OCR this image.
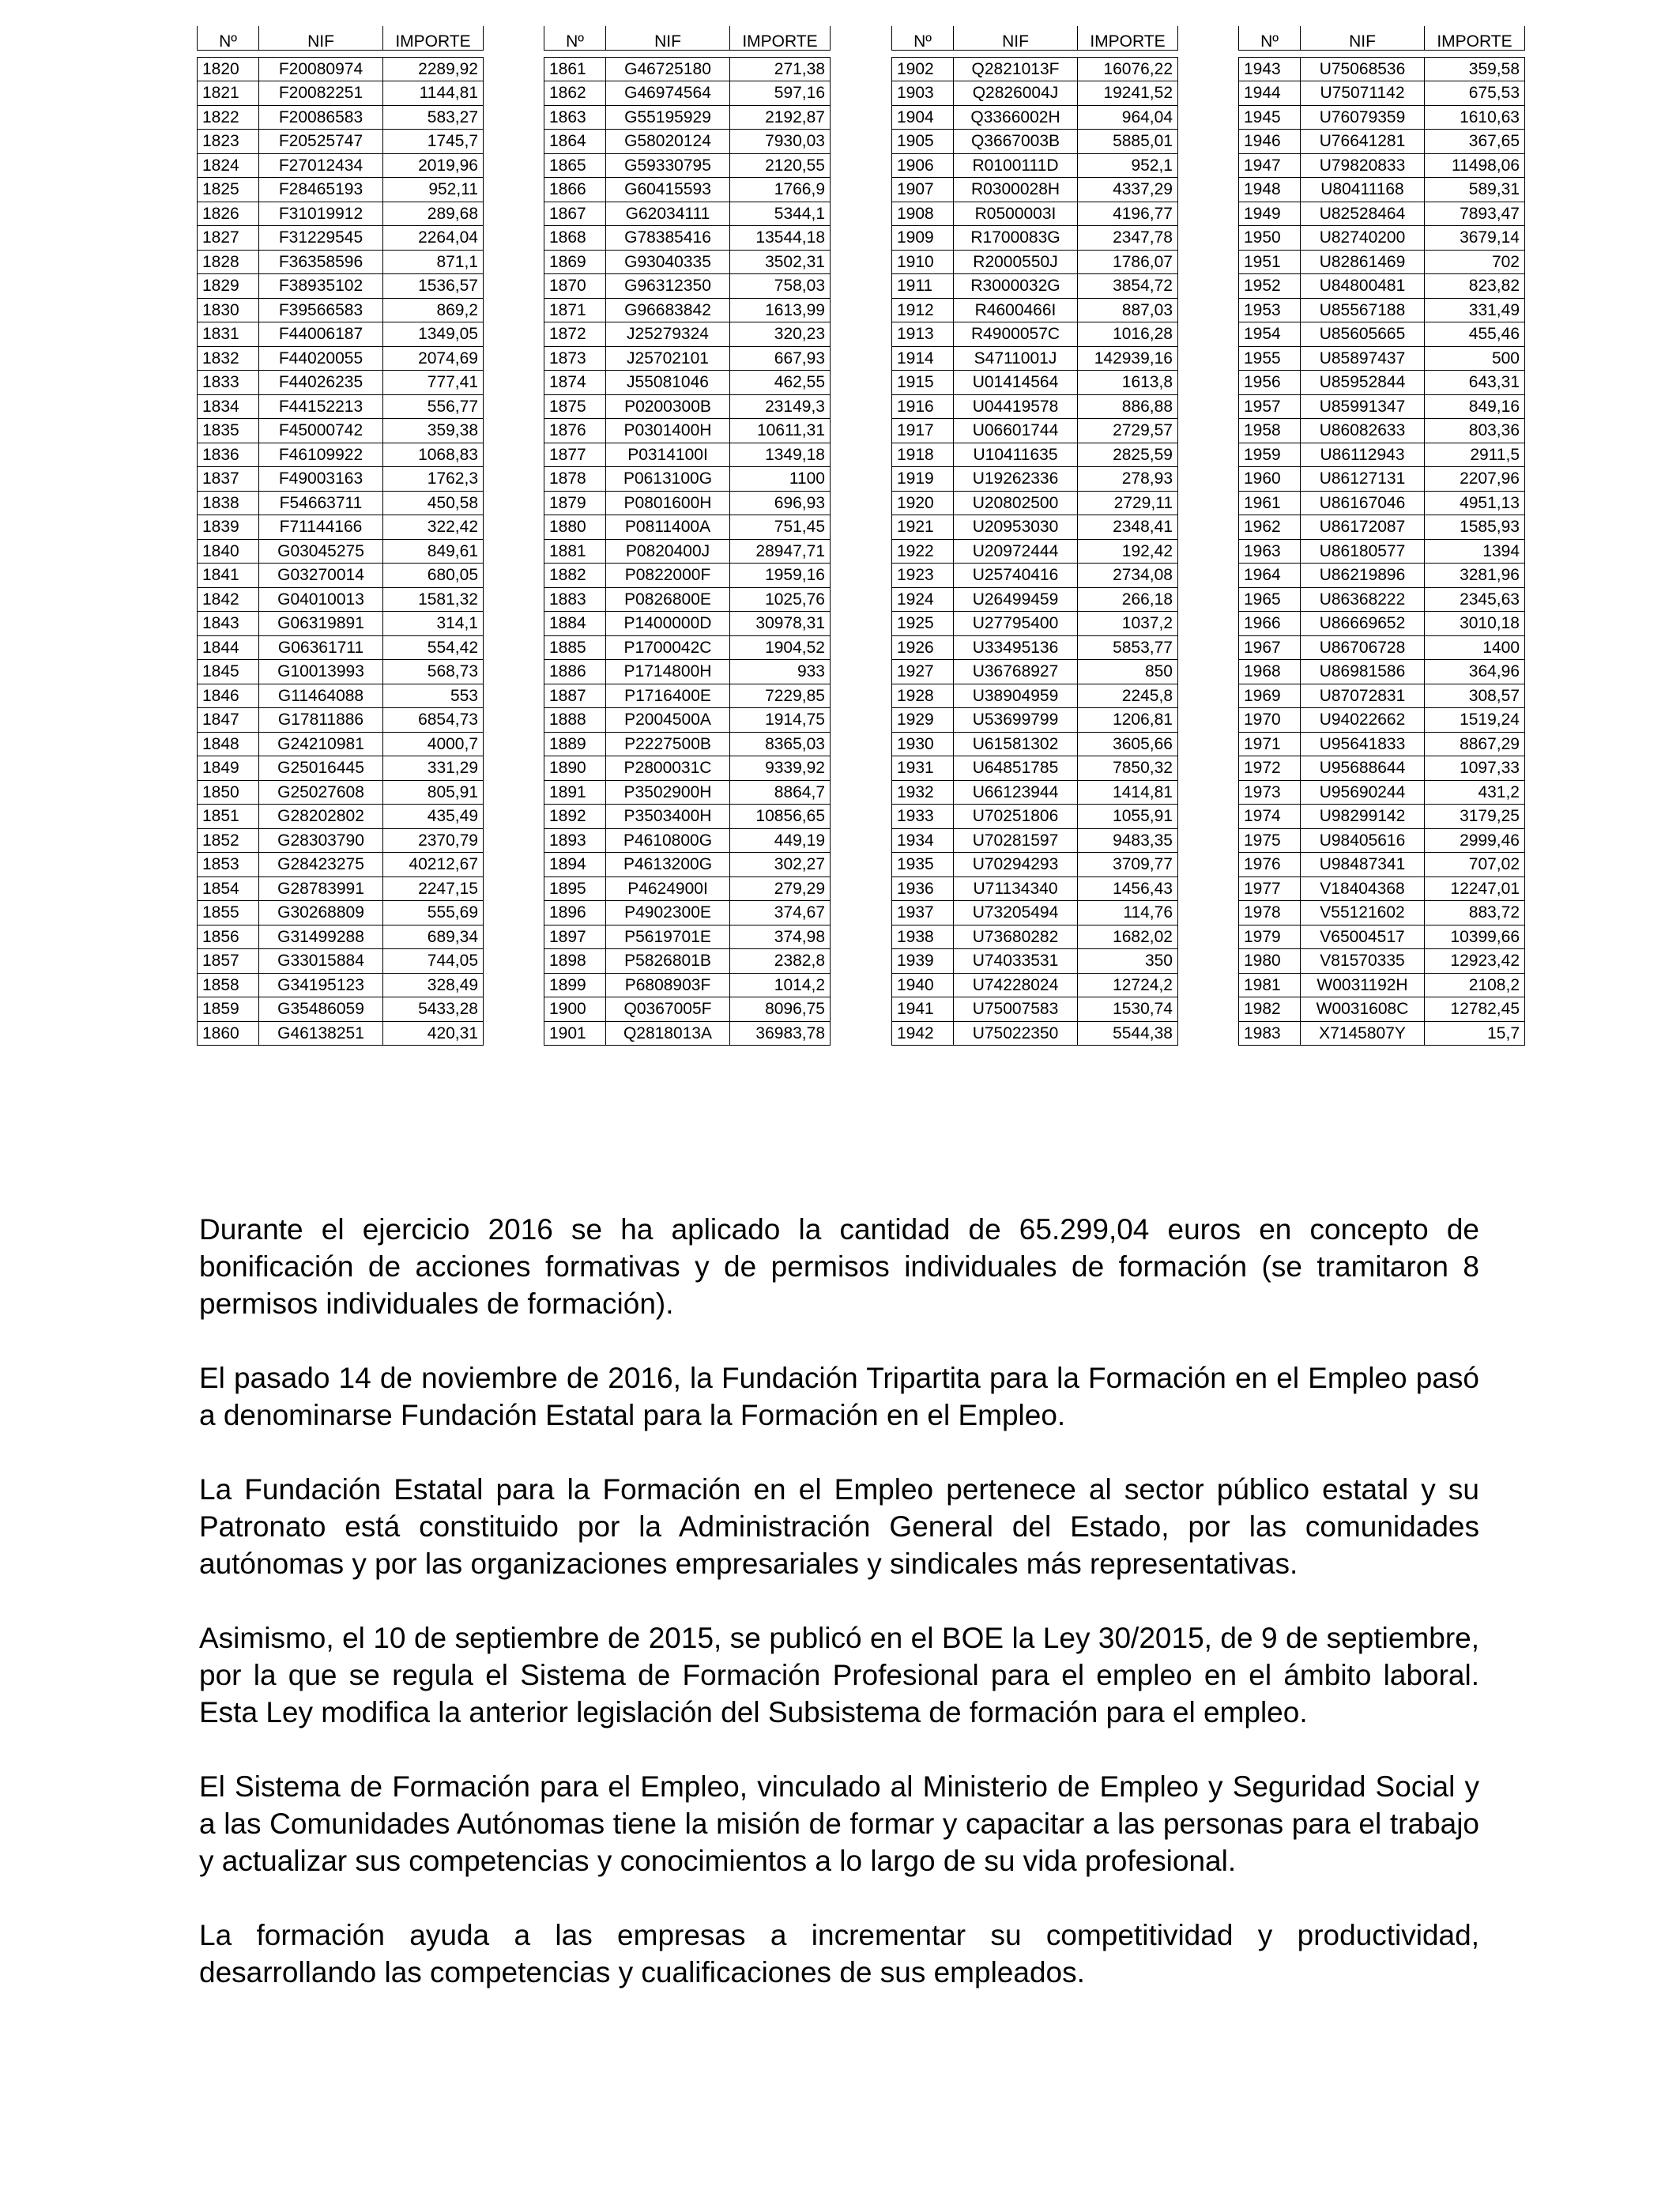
Nº	NIF	IMPORTE

1820	F20080974	2289,92
1821	F20082251	1144,81
1822	F20086583	583,27
1823	F20525747	1745,7
1824	F27012434	2019,96
1825	F28465193	952,11
1826	F31019912	289,68
1827	F31229545	2264,04
1828	F36358596	871,1
1829	F38935102	1536,57
1830	F39566583	869,2
1831	F44006187	1349,05
1832	F44020055	2074,69
1833	F44026235	777,41
1834	F44152213	556,77
1835	F45000742	359,38
1836	F46109922	1068,83
1837	F49003163	1762,3
1838	F54663711	450,58
1839	F71144166	322,42
1840	G03045275	849,61
1841	G03270014	680,05
1842	G04010013	1581,32
1843	G06319891	314,1
1844	G06361711	554,42
1845	G10013993	568,73
1846	G11464088	553
1847	G17811886	6854,73
1848	G24210981	4000,7
1849	G25016445	331,29
1850	G25027608	805,91
1851	G28202802	435,49
1852	G28303790	2370,79
1853	G28423275	40212,67
1854	G28783991	2247,15
1855	G30268809	555,69
1856	G31499288	689,34
1857	G33015884	744,05
1858	G34195123	328,49
1859	G35486059	5433,28
1860	G46138251	420,31
Nº	NIF	IMPORTE

1861	G46725180	271,38
1862	G46974564	597,16
1863	G55195929	2192,87
1864	G58020124	7930,03
1865	G59330795	2120,55
1866	G60415593	1766,9
1867	G62034111	5344,1
1868	G78385416	13544,18
1869	G93040335	3502,31
1870	G96312350	758,03
1871	G96683842	1613,99
1872	J25279324	320,23
1873	J25702101	667,93
1874	J55081046	462,55
1875	P0200300B	23149,3
1876	P0301400H	10611,31
1877	P0314100I	1349,18
1878	P0613100G	1100
1879	P0801600H	696,93
1880	P0811400A	751,45
1881	P0820400J	28947,71
1882	P0822000F	1959,16
1883	P0826800E	1025,76
1884	P1400000D	30978,31
1885	P1700042C	1904,52
1886	P1714800H	933
1887	P1716400E	7229,85
1888	P2004500A	1914,75
1889	P2227500B	8365,03
1890	P2800031C	9339,92
1891	P3502900H	8864,7
1892	P3503400H	10856,65
1893	P4610800G	449,19
1894	P4613200G	302,27
1895	P4624900I	279,29
1896	P4902300E	374,67
1897	P5619701E	374,98
1898	P5826801B	2382,8
1899	P6808903F	1014,2
1900	Q0367005F	8096,75
1901	Q2818013A	36983,78
Nº	NIF	IMPORTE

1902	Q2821013F	16076,22
1903	Q2826004J	19241,52
1904	Q3366002H	964,04
1905	Q3667003B	5885,01
1906	R0100111D	952,1
1907	R0300028H	4337,29
1908	R0500003I	4196,77
1909	R1700083G	2347,78
1910	R2000550J	1786,07
1911	R3000032G	3854,72
1912	R4600466I	887,03
1913	R4900057C	1016,28
1914	S4711001J	142939,16
1915	U01414564	1613,8
1916	U04419578	886,88
1917	U06601744	2729,57
1918	U10411635	2825,59
1919	U19262336	278,93
1920	U20802500	2729,11
1921	U20953030	2348,41
1922	U20972444	192,42
1923	U25740416	2734,08
1924	U26499459	266,18
1925	U27795400	1037,2
1926	U33495136	5853,77
1927	U36768927	850
1928	U38904959	2245,8
1929	U53699799	1206,81
1930	U61581302	3605,66
1931	U64851785	7850,32
1932	U66123944	1414,81
1933	U70251806	1055,91
1934	U70281597	9483,35
1935	U70294293	3709,77
1936	U71134340	1456,43
1937	U73205494	114,76
1938	U73680282	1682,02
1939	U74033531	350
1940	U74228024	12724,2
1941	U75007583	1530,74
1942	U75022350	5544,38
Nº	NIF	IMPORTE

1943	U75068536	359,58
1944	U75071142	675,53
1945	U76079359	1610,63
1946	U76641281	367,65
1947	U79820833	11498,06
1948	U80411168	589,31
1949	U82528464	7893,47
1950	U82740200	3679,14
1951	U82861469	702
1952	U84800481	823,82
1953	U85567188	331,49
1954	U85605665	455,46
1955	U85897437	500
1956	U85952844	643,31
1957	U85991347	849,16
1958	U86082633	803,36
1959	U86112943	2911,5
1960	U86127131	2207,96
1961	U86167046	4951,13
1962	U86172087	1585,93
1963	U86180577	1394
1964	U86219896	3281,96
1965	U86368222	2345,63
1966	U86669652	3010,18
1967	U86706728	1400
1968	U86981586	364,96
1969	U87072831	308,57
1970	U94022662	1519,24
1971	U95641833	8867,29
1972	U95688644	1097,33
1973	U95690244	431,2
1974	U98299142	3179,25
1975	U98405616	2999,46
1976	U98487341	707,02
1977	V18404368	12247,01
1978	V55121602	883,72
1979	V65004517	10399,66
1980	V81570335	12923,42
1981	W0031192H	2108,2
1982	W0031608C	12782,45
1983	X7145807Y	15,7

Durante el ejercicio 2016 se ha aplicado la cantidad de 65.299,04 euros en concepto de bonificación de acciones formativas y de permisos individuales de formación (se tramitaron 8 permisos individuales de formación).

El pasado 14 de noviembre de 2016, la Fundación Tripartita para la Formación en el Empleo pasó a denominarse Fundación Estatal para la Formación en el Empleo.

La Fundación Estatal para la Formación en el Empleo pertenece al sector público estatal y su Patronato está constituido por la Administración General del Estado, por las comunidades autónomas y por las organizaciones empresariales y sindicales más representativas.

Asimismo, el 10 de septiembre de 2015, se publicó en el BOE la Ley 30/2015, de 9 de septiembre, por la que se regula el Sistema de Formación Profesional para el empleo en el ámbito laboral. Esta Ley modifica la anterior legislación del Subsistema de formación para el empleo.

El Sistema de Formación para el Empleo, vinculado al Ministerio de Empleo y Seguridad Social y a las Comunidades Autónomas tiene la misión de formar y capacitar a las personas para el trabajo y actualizar sus competencias y conocimientos a lo largo de su vida profesional.

La formación ayuda a las empresas a incrementar su competitividad y productividad, desarrollando las competencias y cualificaciones de sus empleados.
